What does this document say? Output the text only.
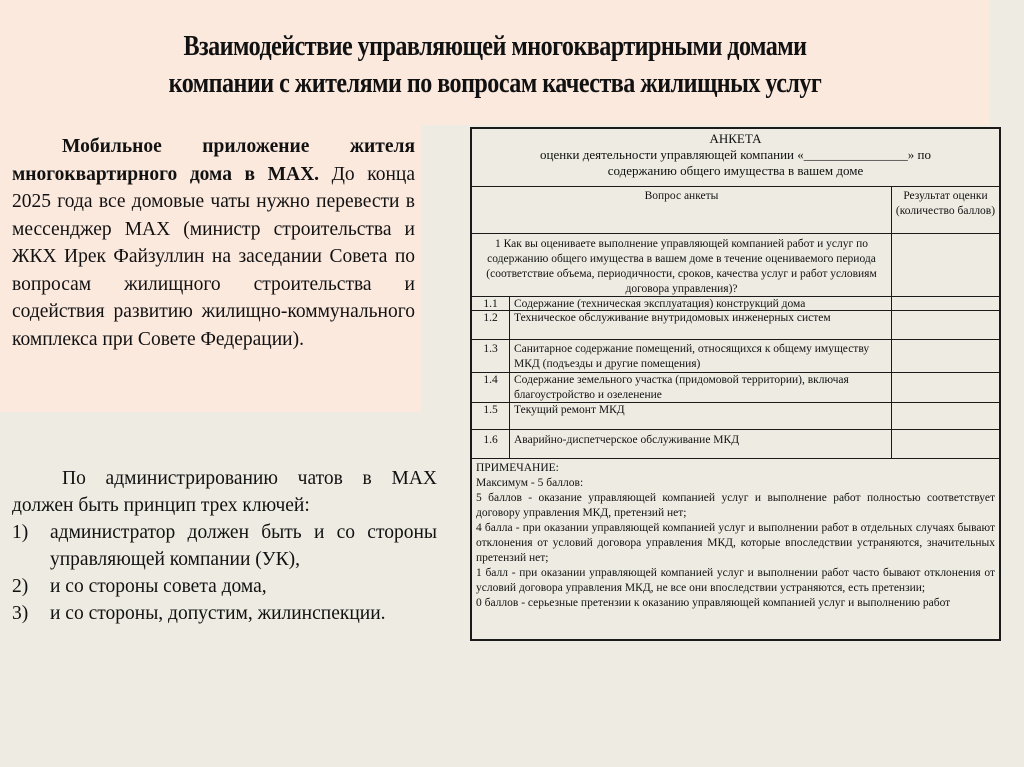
Взаимодействие управляющей многоквартирными домами
компании с жителями по вопросам качества жилищных услуг

Мобильное приложение жителя многоквартирного дома в МАХ. До конца 2025 года все домовые чаты нужно перевести в мессенджер МАХ (министр строительства и ЖКХ Ирек Файзуллин на заседании Совета по вопросам жилищного строительства и содействия развитию жилищно-коммунального комплекса при Совете Федерации).

По администрированию чатов в МАХ должен быть принцип трех ключей:

1)	администратор должен быть и со стороны управляющей компании (УК),
2)	и со стороны совета дома,
3)	и со стороны, допустим, жилинспекции.
АНКЕТА
оценки деятельности управляющей компании «________________» по
содержанию общего имущества в вашем доме
Вопрос анкеты	Результат оценки (количество баллов)
1 Как вы оцениваете выполнение управляющей компанией работ и услуг по содержанию общего имущества в вашем доме в течение оцениваемого периода (соответствие объема, периодичности, сроков, качества услуг и работ условиям договора управления)?
1.1	Содержание (техническая эксплуатация) конструкций дома
1.2	Техническое обслуживание внутридомовых инженерных систем
1.3	Санитарное содержание помещений, относящихся к общему имуществу МКД (подъезды и другие помещения)
1.4	Содержание земельного участка (придомовой территории), включая благоустройство и озеленение
1.5	Текущий ремонт МКД
1.6	Аварийно-диспетчерское обслуживание МКД
ПРИМЕЧАНИЕ:
Максимум - 5 баллов:
5 баллов - оказание управляющей компанией услуг и выполнение работ полностью соответствует договору управления МКД, претензий нет;
4 балла - при оказании управляющей компанией услуг и выполнении работ в отдельных случаях бывают отклонения от условий договора управления МКД, которые впоследствии устраняются, значительных претензий нет;
1 балл - при оказании управляющей компанией услуг и выполнении работ часто бывают отклонения от условий договора управления МКД, не все они впоследствии устраняются, есть претензии;
0 баллов - серьезные претензии к оказанию управляющей компанией услуг и выполнению работ
